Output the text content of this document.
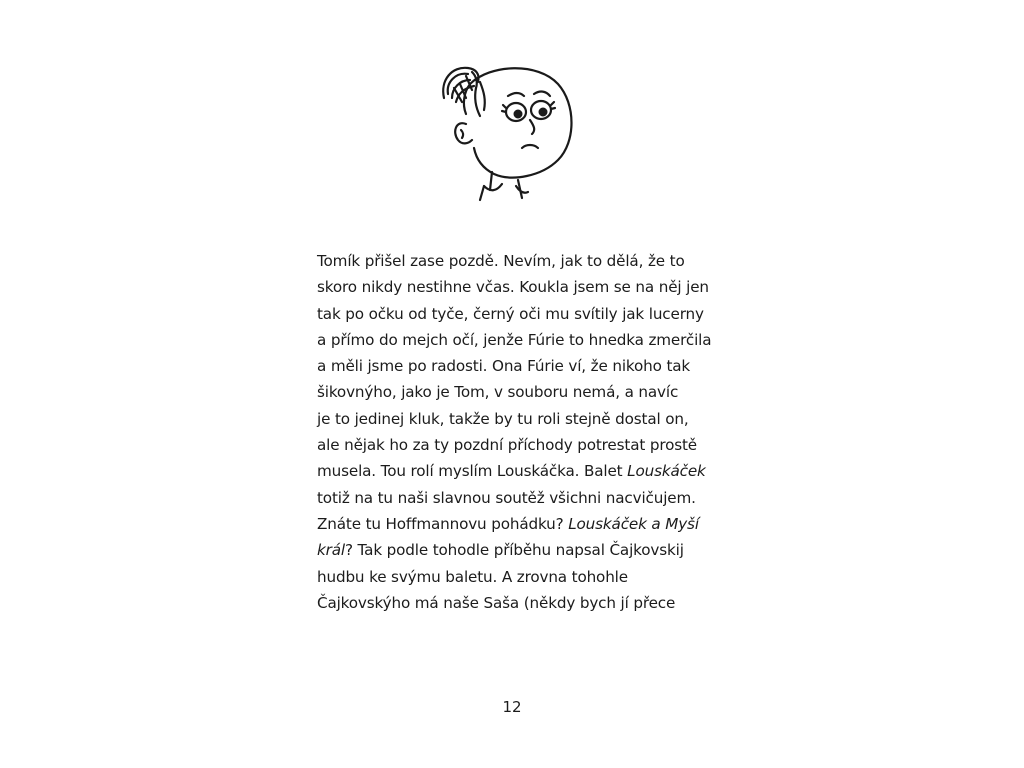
Tomík přišel zase pozdě. Nevím, jak to dělá, že to
skoro nikdy nestihne včas. Koukla jsem se na něj jen
tak po očku od tyče, černý oči mu svítily jak lucerny
a přímo do mejch očí, jenže Fúrie to hnedka zmerčila
a měli jsme po radosti. Ona Fúrie ví, že nikoho tak
šikovnýho, jako je Tom, v souboru nemá, a navíc
je to jedinej kluk, takže by tu roli stejně dostal on,
ale nějak ho za ty pozdní příchody potrestat prostě
musela. Tou rolí myslím Louskáčka. Balet Louskáček
totiž na tu naši slavnou soutěž všichni nacvičujem.
Znáte tu Hoffmannovu pohádku? Louskáček a Myší
král? Tak podle tohodle příběhu napsal Čajkovskij
hudbu ke svýmu baletu. A zrovna tohohle
Čajkovskýho má naše Saša (někdy bych jí přece
12
